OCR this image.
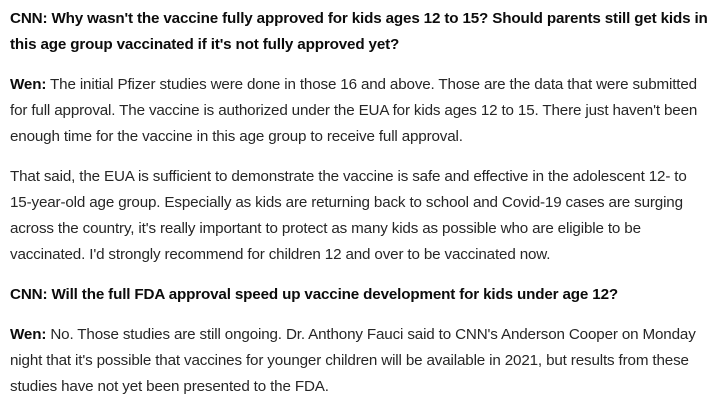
CNN: Why wasn't the vaccine fully approved for kids ages 12 to 15? Should parents still get kids in this age group vaccinated if it's not fully approved yet?

Wen: The initial Pfizer studies were done in those 16 and above. Those are the data that were submitted for full approval. The vaccine is authorized under the EUA for kids ages 12 to 15. There just haven't been enough time for the vaccine in this age group to receive full approval.

That said, the EUA is sufficient to demonstrate the vaccine is safe and effective in the adolescent 12- to 15-year-old age group. Especially as kids are returning back to school and Covid-19 cases are surging across the country, it's really important to protect as many kids as possible who are eligible to be vaccinated. I'd strongly recommend for children 12 and over to be vaccinated now.

CNN: Will the full FDA approval speed up vaccine development for kids under age 12?

Wen: No. Those studies are still ongoing. Dr. Anthony Fauci said to CNN's Anderson Cooper on Monday night that it's possible that vaccines for younger children will be available in 2021, but results from these studies have not yet been presented to the FDA.
